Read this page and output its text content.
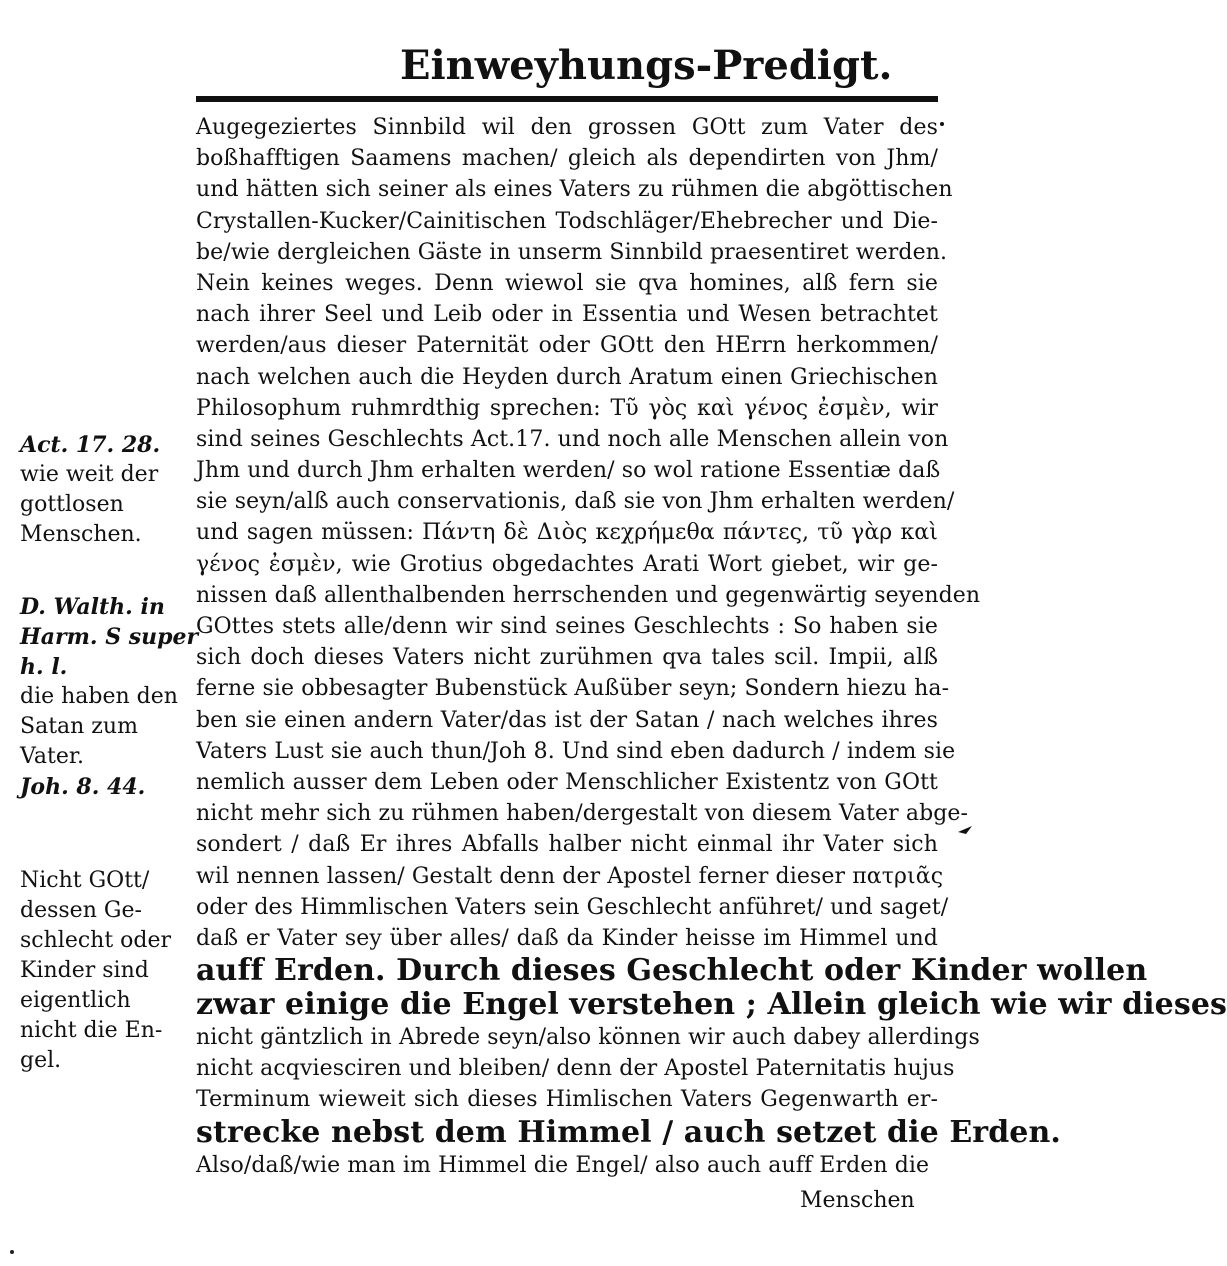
Einweyhungs-Predigt.
Augegeziertes Sinnbild wil den grossen GOtt zum Vater des
boßhafftigen Saamens machen/ gleich als dependirten von Jhm/
und hätten sich seiner als eines Vaters zu rühmen die abgöttischen
Crystallen-Kucker/Cainitischen Todschläger/Ehebrecher und Die-
be/wie dergleichen Gäste in unserm Sinnbild praesentiret werden.
Nein keines weges. Denn wiewol sie qva homines, alß fern sie
nach ihrer Seel und Leib oder in Essentia und Wesen betrachtet
werden/aus dieser Paternität oder GOtt den HErrn herkommen/
nach welchen auch die Heyden durch Aratum einen Griechischen
Philosophum ruhmrdthig sprechen: Τῦ γὸς καὶ γένος ἐσμὲν, wir
sind seines Geschlechts Act.17. und noch alle Menschen allein von
Jhm und durch Jhm erhalten werden/ so wol ratione Essentiæ daß
sie seyn/alß auch conservationis, daß sie von Jhm erhalten werden/
und sagen müssen: Πάντη δὲ Διὸς κεχρήμεθα πάντες, τῦ γὰρ καὶ
γένος ἐσμὲν, wie Grotius obgedachtes Arati Wort giebet, wir ge-
nissen daß allenthalbenden herrschenden und gegenwärtig seyenden
GOttes stets alle/denn wir sind seines Geschlechts : So haben sie
sich doch dieses Vaters nicht zurühmen qva tales scil. Impii, alß
ferne sie obbesagter Bubenstück Außüber seyn; Sondern hiezu ha-
ben sie einen andern Vater/das ist der Satan / nach welches ihres
Vaters Lust sie auch thun/Joh 8. Und sind eben dadurch / indem sie
nemlich ausser dem Leben oder Menschlicher Existentz von GOtt
nicht mehr sich zu rühmen haben/dergestalt von diesem Vater abge-
sondert / daß Er ihres Abfalls halber nicht einmal ihr Vater sich
wil nennen lassen/ Gestalt denn der Apostel ferner dieser πατριᾶς
oder des Himmlischen Vaters sein Geschlecht anführet/ und saget/
daß er Vater sey über alles/ daß da Kinder heisse im Himmel und
auff Erden. Durch dieses Geschlecht oder Kinder wollen
zwar einige die Engel verstehen ; Allein gleich wie wir dieses
nicht gäntzlich in Abrede seyn/also können wir auch dabey allerdings
nicht acqviesciren und bleiben/ denn der Apostel Paternitatis hujus
Terminum wieweit sich dieses Himlischen Vaters Gegenwarth er-
strecke nebst dem Himmel / auch setzet die Erden.
Also/daß/wie man im Himmel die Engel/ also auch auff Erden die
Menschen
Act. 17. 28.
wie weit der
gottlosen
Menschen.
D. Walth. in
Harm. S super
h. l.
die haben den
Satan zum
Vater.
Joh. 8. 44.
Nicht GOtt/
dessen Ge-
schlecht oder
Kinder sind
eigentlich
nicht die En-
gel.
